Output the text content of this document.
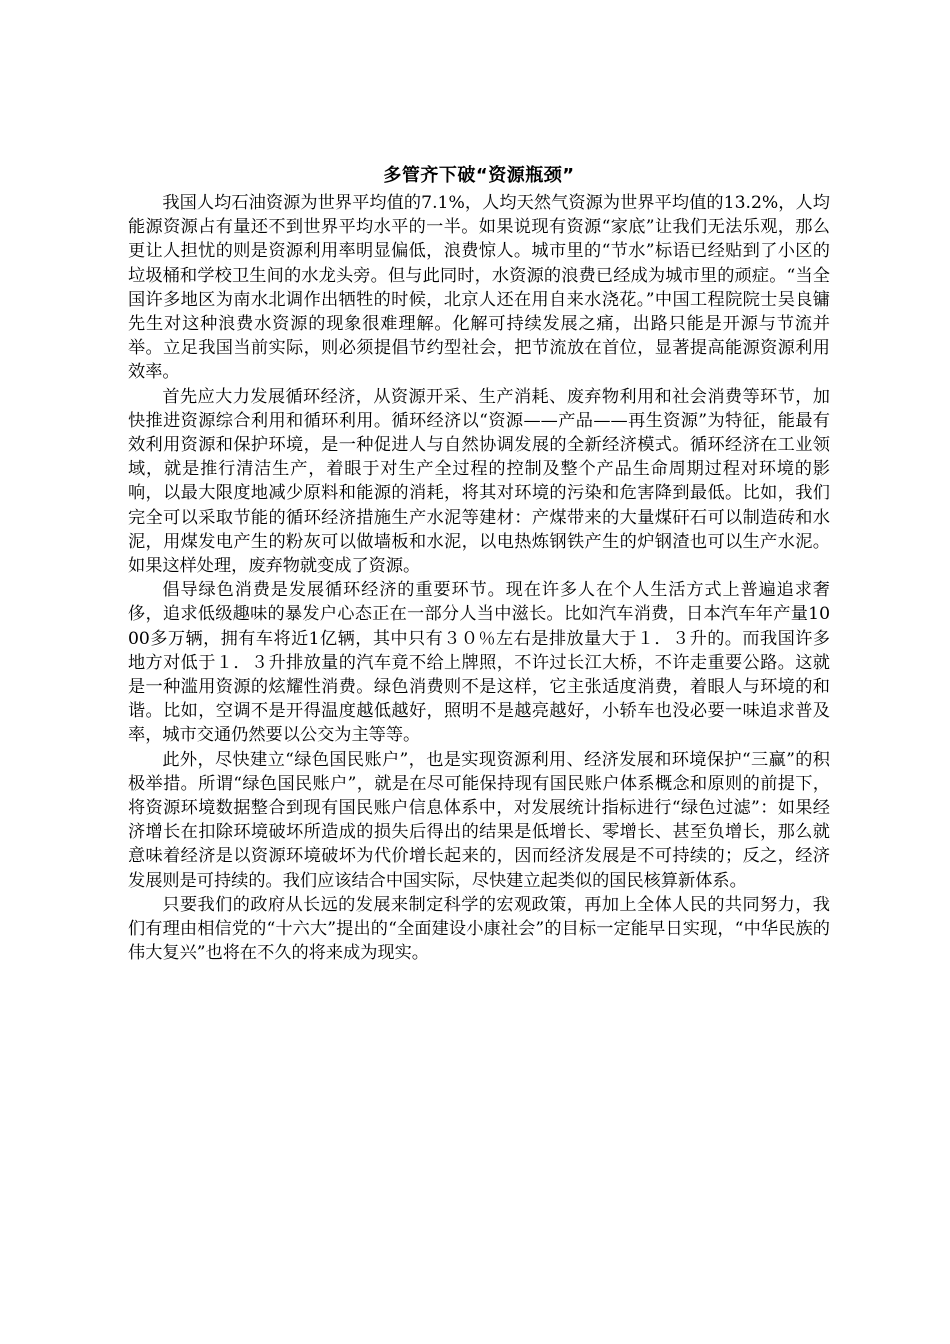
多管齐下破“资源瓶颈”

我国人均石油资源为世界平均值的7.1%，人均天然气资源为世界平均值的13.2%，人均能源资源占有量还不到世界平均水平的一半。如果说现有资源“家底”让我们无法乐观，那么更让人担忧的则是资源利用率明显偏低，浪费惊人。城市里的“节水”标语已经贴到了小区的垃圾桶和学校卫生间的水龙头旁。但与此同时，水资源的浪费已经成为城市里的顽症。“当全国许多地区为南水北调作出牺牲的时候，北京人还在用自来水浇花。”中国工程院院士吴良镛先生对这种浪费水资源的现象很难理解。化解可持续发展之痛，出路只能是开源与节流并举。立足我国当前实际，则必须提倡节约型社会，把节流放在首位，显著提高能源资源利用效率。

首先应大力发展循环经济，从资源开采、生产消耗、废弃物利用和社会消费等环节，加快推进资源综合利用和循环利用。循环经济以“资源——产品——再生资源”为特征，能最有效利用资源和保护环境，是一种促进人与自然协调发展的全新经济模式。循环经济在工业领域，就是推行清洁生产，着眼于对生产全过程的控制及整个产品生命周期过程对环境的影响，以最大限度地减少原料和能源的消耗，将其对环境的污染和危害降到最低。比如，我们完全可以采取节能的循环经济措施生产水泥等建材：产煤带来的大量煤矸石可以制造砖和水泥，用煤发电产生的粉灰可以做墙板和水泥，以电热炼钢铁产生的炉钢渣也可以生产水泥。如果这样处理，废弃物就变成了资源。

倡导绿色消费是发展循环经济的重要环节。现在许多人在个人生活方式上普遍追求奢侈，追求低级趣味的暴发户心态正在一部分人当中滋长。比如汽车消费，日本汽车年产量1000多万辆，拥有车将近1亿辆，其中只有３０％左右是排放量大于１．３升的。而我国许多地方对低于１．３升排放量的汽车竟不给上牌照，不许过长江大桥，不许走重要公路。这就是一种滥用资源的炫耀性消费。绿色消费则不是这样，它主张适度消费，着眼人与环境的和谐。比如，空调不是开得温度越低越好，照明不是越亮越好，小轿车也没必要一味追求普及率，城市交通仍然要以公交为主等等。

此外，尽快建立“绿色国民账户”，也是实现资源利用、经济发展和环境保护“三赢”的积极举措。所谓“绿色国民账户”，就是在尽可能保持现有国民账户体系概念和原则的前提下，将资源环境数据整合到现有国民账户信息体系中，对发展统计指标进行“绿色过滤”：如果经济增长在扣除环境破坏所造成的损失后得出的结果是低增长、零增长、甚至负增长，那么就意味着经济是以资源环境破坏为代价增长起来的，因而经济发展是不可持续的；反之，经济发展则是可持续的。我们应该结合中国实际，尽快建立起类似的国民核算新体系。

只要我们的政府从长远的发展来制定科学的宏观政策，再加上全体人民的共同努力，我们有理由相信党的“十六大”提出的“全面建设小康社会”的目标一定能早日实现，“中华民族的伟大复兴”也将在不久的将来成为现实。
